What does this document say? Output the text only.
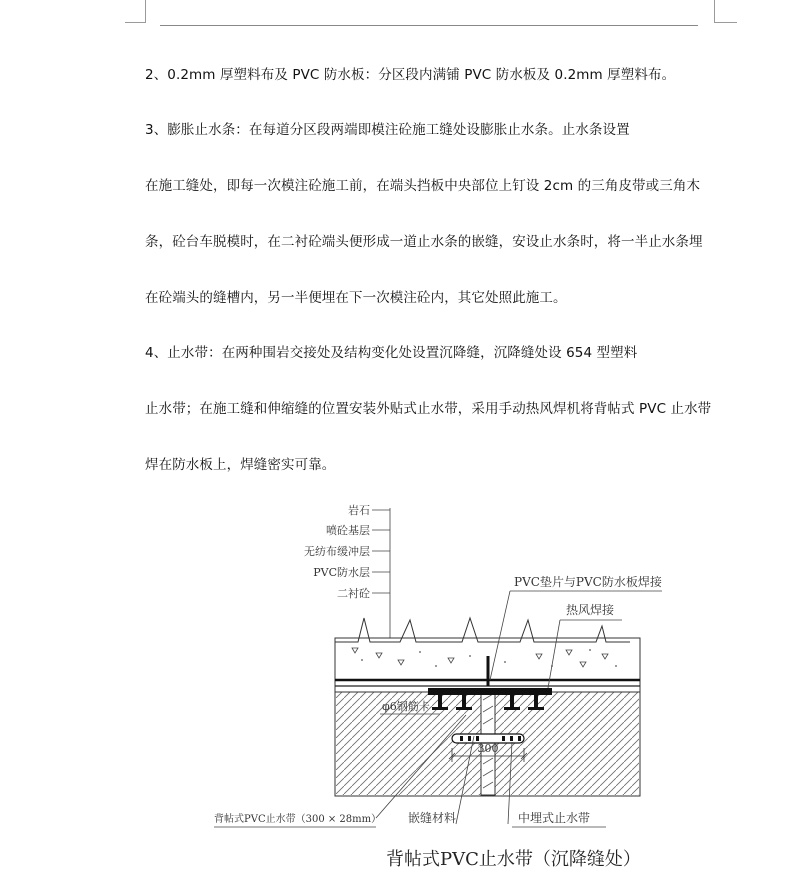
2、0.2mm 厚塑料布及 PVC 防水板：分区段内满铺 PVC 防水板及 0.2mm 厚塑料布。
3、膨胀止水条：在每道分区段两端即模注砼施工缝处设膨胀止水条。止水条设置
在施工缝处，即每一次模注砼施工前，在端头挡板中央部位上钉设 2cm 的三角皮带或三角木
条，砼台车脱模时，在二衬砼端头便形成一道止水条的嵌缝，安设止水条时，将一半止水条埋
在砼端头的缝槽内，另一半便埋在下一次模注砼内，其它处照此施工。
4、止水带：在两种围岩交接处及结构变化处设置沉降缝，沉降缝处设 654 型塑料
止水带；在施工缝和伸缩缝的位置安装外贴式止水带，采用手动热风焊机将背帖式 PVC 止水带
焊在防水板上，焊缝密实可靠。
岩石
喷砼基层
无纺布缓冲层
PVC防水层
二衬砼
300
PVC垫片与PVC防水板焊接
热风焊接
φ6钢筋卡
背帖式PVC止水带（300 × 28mm） 嵌缝材料	中埋式止水带
背帖式PVC止水带（沉降缝处）
